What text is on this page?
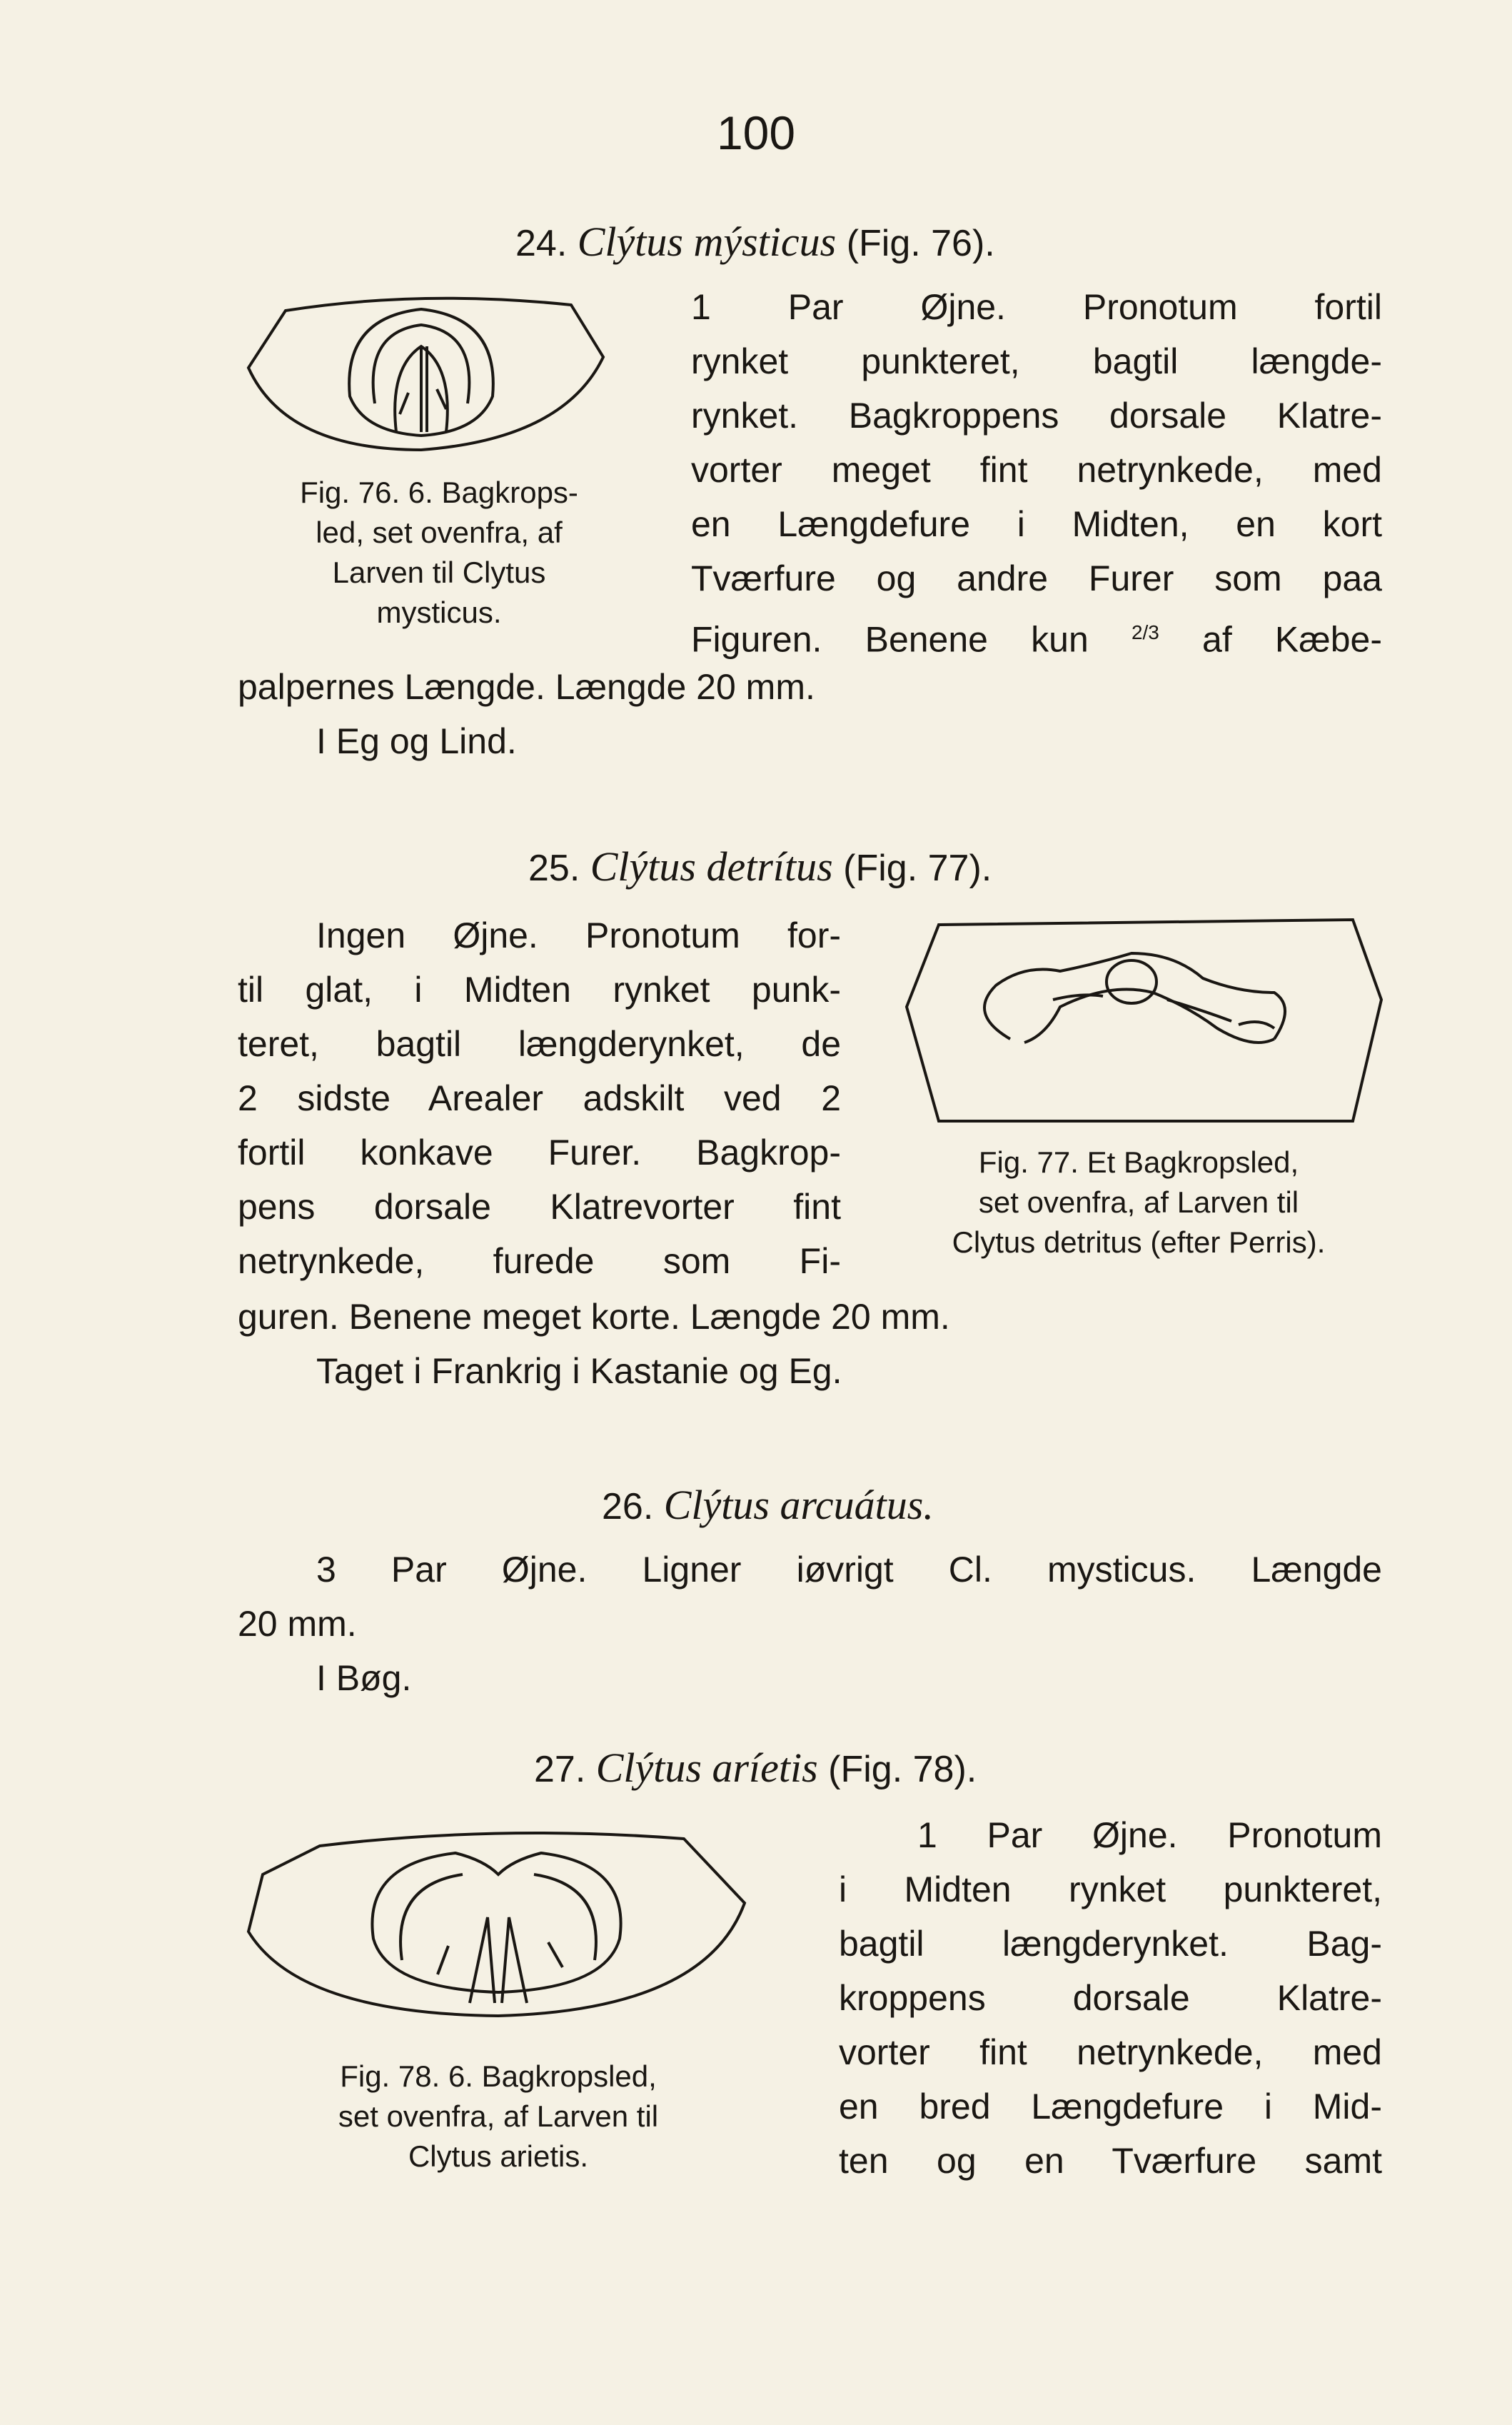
100
24. Clýtus mýsticus (Fig. 76).
Fig. 76. 6. Bagkrops-
led, set ovenfra, af
Larven til Clytus
mysticus.
1 Par Øjne. Pronotum fortil
rynket punkteret, bagtil længde-
rynket. Bagkroppens dorsale Klatre-
vorter meget fint netrynkede, med
en Længdefure i Midten, en kort
Tværfure og andre Furer som paa
Figuren. Benene kun $^{2/3}$ af Kæbe-
palpernes Længde. Længde 20 mm.
I Eg og Lind.
25. Clýtus detrítus (Fig. 77).
Ingen Øjne. Pronotum for-
til glat, i Midten rynket punk-
teret, bagtil længderynket, de
2 sidste Arealer adskilt ved 2
fortil konkave Furer. Bagkrop-
pens dorsale Klatrevorter fint
netrynkede, furede som Fi-
Fig. 77. Et Bagkropsled,
set ovenfra, af Larven til
Clytus detritus (efter Perris).
guren. Benene meget korte. Længde 20 mm.
Taget i Frankrig i Kastanie og Eg.
26. Clýtus arcuátus.
3 Par Øjne. Ligner iøvrigt Cl. mysticus. Længde
20 mm.
I Bøg.
27. Clýtus aríetis (Fig. 78).
Fig. 78. 6. Bagkropsled,
set ovenfra, af Larven til
Clytus arietis.
1 Par Øjne. Pronotum
i Midten rynket punkteret,
bagtil længderynket. Bag-
kroppens dorsale Klatre-
vorter fint netrynkede, med
en bred Længdefure i Mid-
ten og en Tværfure samt
